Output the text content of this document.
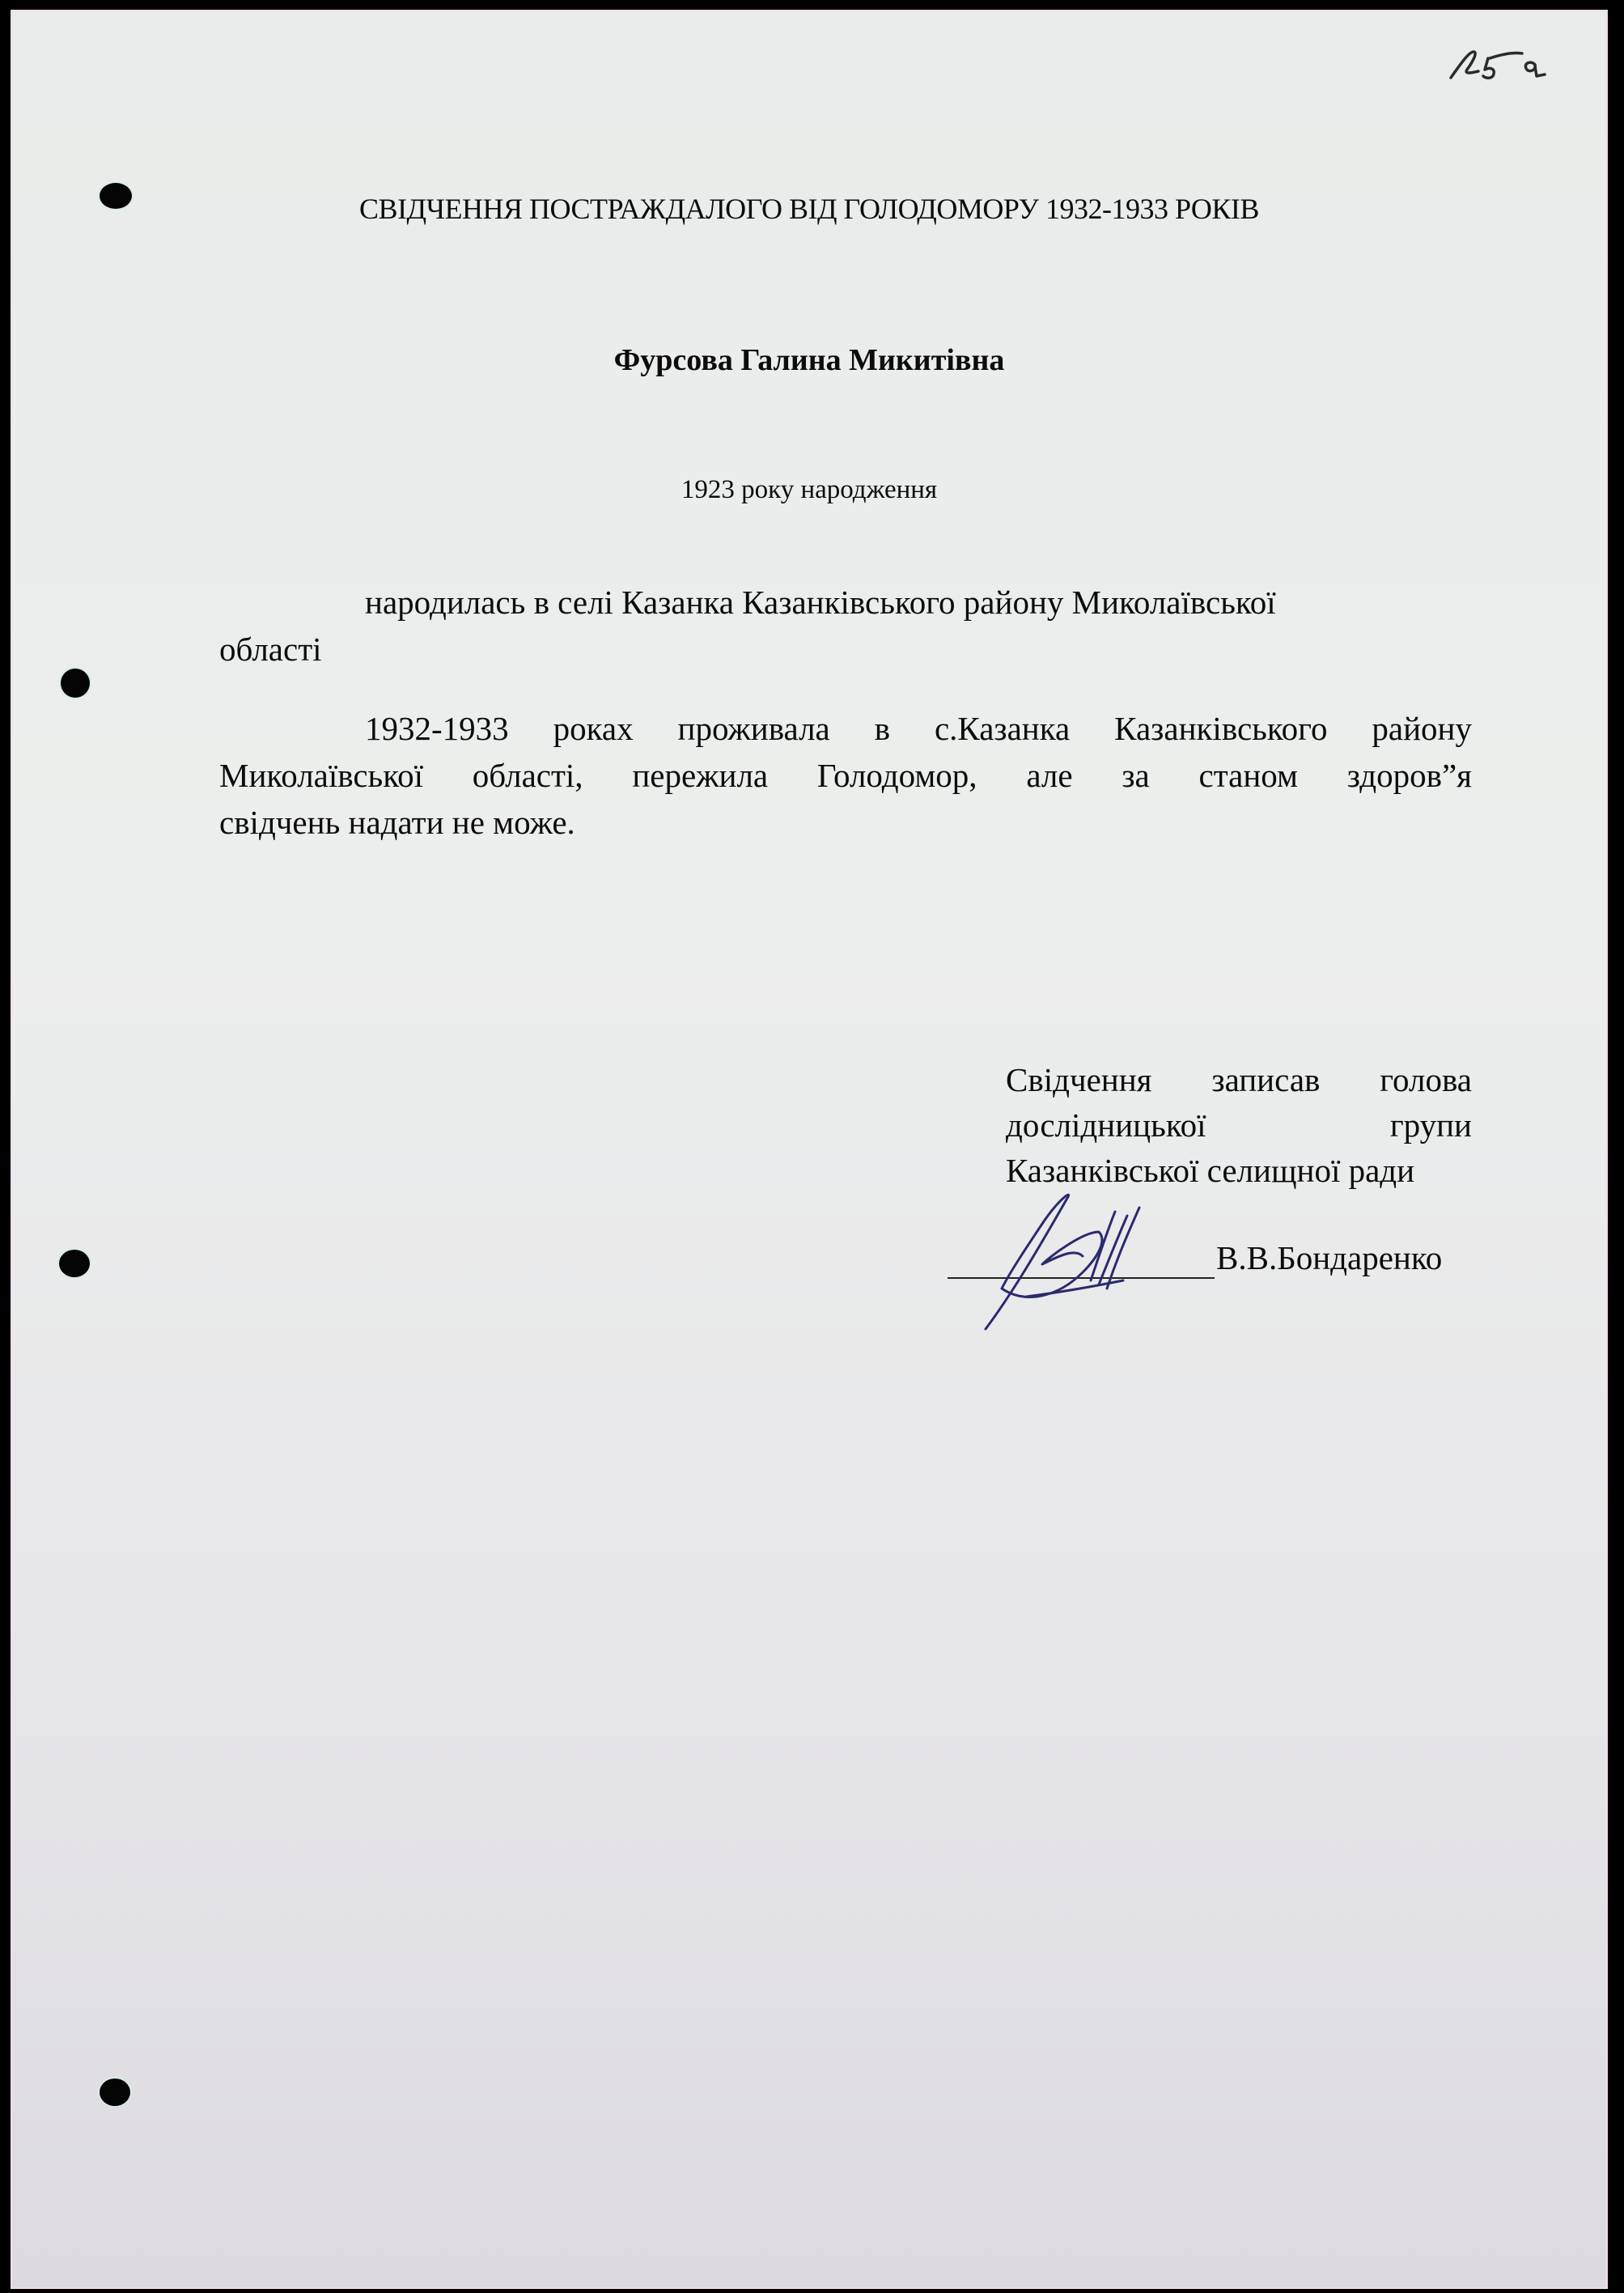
СВІДЧЕННЯ ПОСТРАЖДАЛОГО ВІД ГОЛОДОМОРУ 1932-1933 РОКІВ
Фурсова Галина Микитівна
1923 року народження
народилась в селі Казанка Казанківського району Миколаївської
області
1932-1933 роках проживала в с.Казанка Казанківського району
Миколаївської області, пережила Голодомор, але за станом здоров”я
свідчень надати не може.
Свідчення записав голова
дослідницької групи
Казанківської селищної ради
В.В.Бондаренко
